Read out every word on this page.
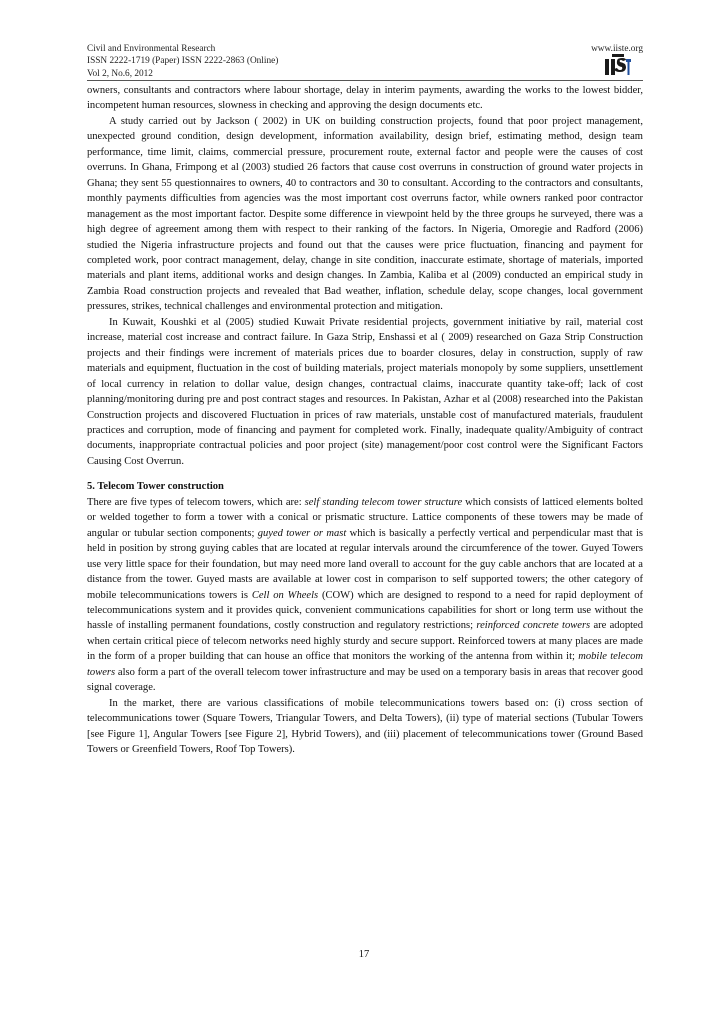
Civil and Environmental Research
ISSN 2222-1719 (Paper) ISSN 2222-2863 (Online)
Vol 2, No.6, 2012
www.iiste.org

owners, consultants and contractors where labour shortage, delay in interim payments, awarding the works to the lowest bidder, incompetent human resources, slowness in checking and approving the design documents etc.

A study carried out by Jackson ( 2002) in UK on building construction projects, found that poor project management, unexpected ground condition, design development, information availability, design brief, estimating method, design team performance, time limit, claims, commercial pressure, procurement route, external factor and people were the causes of cost overruns. In Ghana, Frimpong et al (2003) studied 26 factors that cause cost overruns in construction of ground water projects in Ghana; they sent 55 questionnaires to owners, 40 to contractors and 30 to consultant. According to the contractors and consultants, monthly payments difficulties from agencies was the most important cost overruns factor, while owners ranked poor contractor management as the most important factor. Despite some difference in viewpoint held by the three groups he surveyed, there was a high degree of agreement among them with respect to their ranking of the factors. In Nigeria, Omoregie and Radford (2006) studied the Nigeria infrastructure projects and found out that the causes were price fluctuation, financing and payment for completed work, poor contract management, delay, change in site condition, inaccurate estimate, shortage of materials, imported materials and plant items, additional works and design changes. In Zambia, Kaliba et al (2009) conducted an empirical study in Zambia Road construction projects and revealed that Bad weather, inflation, schedule delay, scope changes, local government pressures, strikes, technical challenges and environmental protection and mitigation.

In Kuwait, Koushki et al (2005) studied Kuwait Private residential projects, government initiative by rail, material cost increase, material cost increase and contract failure. In Gaza Strip, Enshassi et al ( 2009) researched on Gaza Strip Construction projects and their findings were increment of materials prices due to boarder closures, delay in construction, supply of raw materials and equipment, fluctuation in the cost of building materials, project materials monopoly by some suppliers, unsettlement of local currency in relation to dollar value, design changes, contractual claims, inaccurate quantity take-off; lack of cost planning/monitoring during pre and post contract stages and resources. In Pakistan, Azhar et al (2008) researched into the Pakistan Construction projects and discovered Fluctuation in prices of raw materials, unstable cost of manufactured materials, fraudulent practices and corruption, mode of financing and payment for completed work. Finally, inadequate quality/Ambiguity of contract documents, inappropriate contractual policies and poor project (site) management/poor cost control were the Significant Factors Causing Cost Overrun.

5. Telecom Tower construction

There are five types of telecom towers, which are: self standing telecom tower structure which consists of latticed elements bolted or welded together to form a tower with a conical or prismatic structure. Lattice components of these towers may be made of angular or tubular section components; guyed tower or mast which is basically a perfectly vertical and perpendicular mast that is held in position by strong guying cables that are located at regular intervals around the circumference of the tower. Guyed Towers use very little space for their foundation, but may need more land overall to account for the guy cable anchors that are located at a distance from the tower. Guyed masts are available at lower cost in comparison to self supported towers; the other category of mobile telecommunications towers is Cell on Wheels (COW) which are designed to respond to a need for rapid deployment of telecommunications system and it provides quick, convenient communications capabilities for short or long term use without the hassle of installing permanent foundations, costly construction and regulatory restrictions; reinforced concrete towers are adopted when certain critical piece of telecom networks need highly sturdy and secure support. Reinforced towers at many places are made in the form of a proper building that can house an office that monitors the working of the antenna from within it; mobile telecom towers also form a part of the overall telecom tower infrastructure and may be used on a temporary basis in areas that recover good signal coverage.

In the market, there are various classifications of mobile telecommunications towers based on: (i) cross section of telecommunications tower (Square Towers, Triangular Towers, and Delta Towers), (ii) type of material sections (Tubular Towers [see Figure 1], Angular Towers [see Figure 2], Hybrid Towers), and (iii) placement of telecommunications tower (Ground Based Towers or Greenfield Towers, Roof Top Towers).

17
